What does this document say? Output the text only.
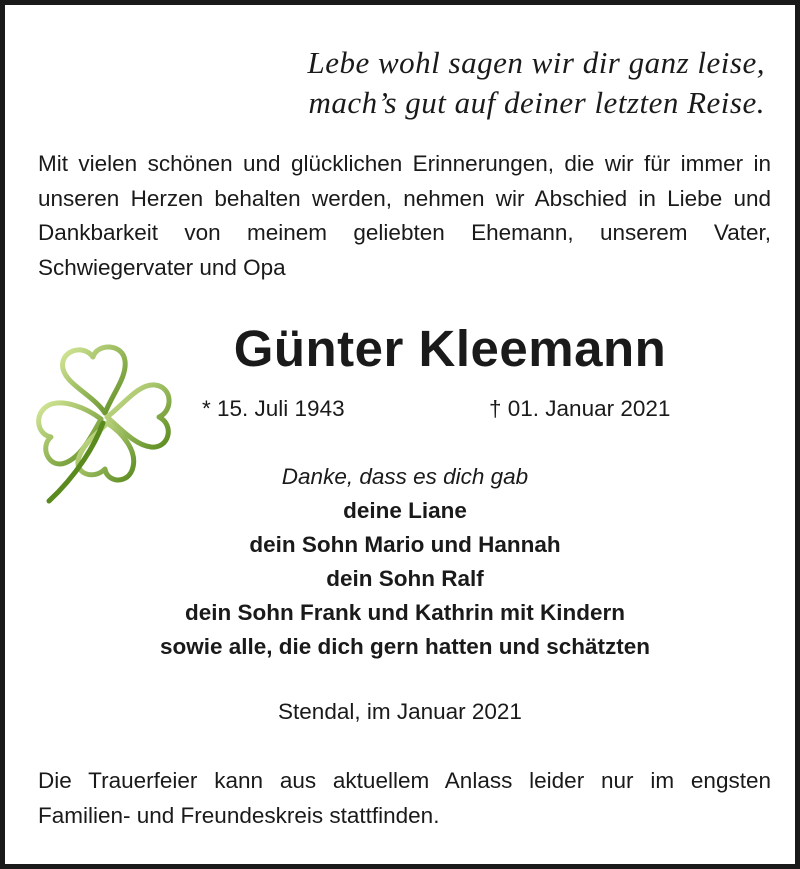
Lebe wohl sagen wir dir ganz leise,
mach’s gut auf deiner letzten Reise.
Mit vielen schönen und glücklichen Erinnerungen, die wir für immer in unseren Herzen behalten werden, nehmen wir Abschied in Liebe und Dankbarkeit von meinem geliebten Ehemann, unserem Vater, Schwiegervater und Opa
Günter Kleemann
* 15. Juli 1943	† 01. Januar 2021
Danke, dass es dich gab
deine Liane
dein Sohn Mario und Hannah
dein Sohn Ralf
dein Sohn Frank und Kathrin mit Kindern
sowie alle, die dich gern hatten und schätzten
Stendal, im Januar 2021
Die Trauerfeier kann aus aktuellem Anlass leider nur im engsten Familien- und Freundeskreis stattfinden.
